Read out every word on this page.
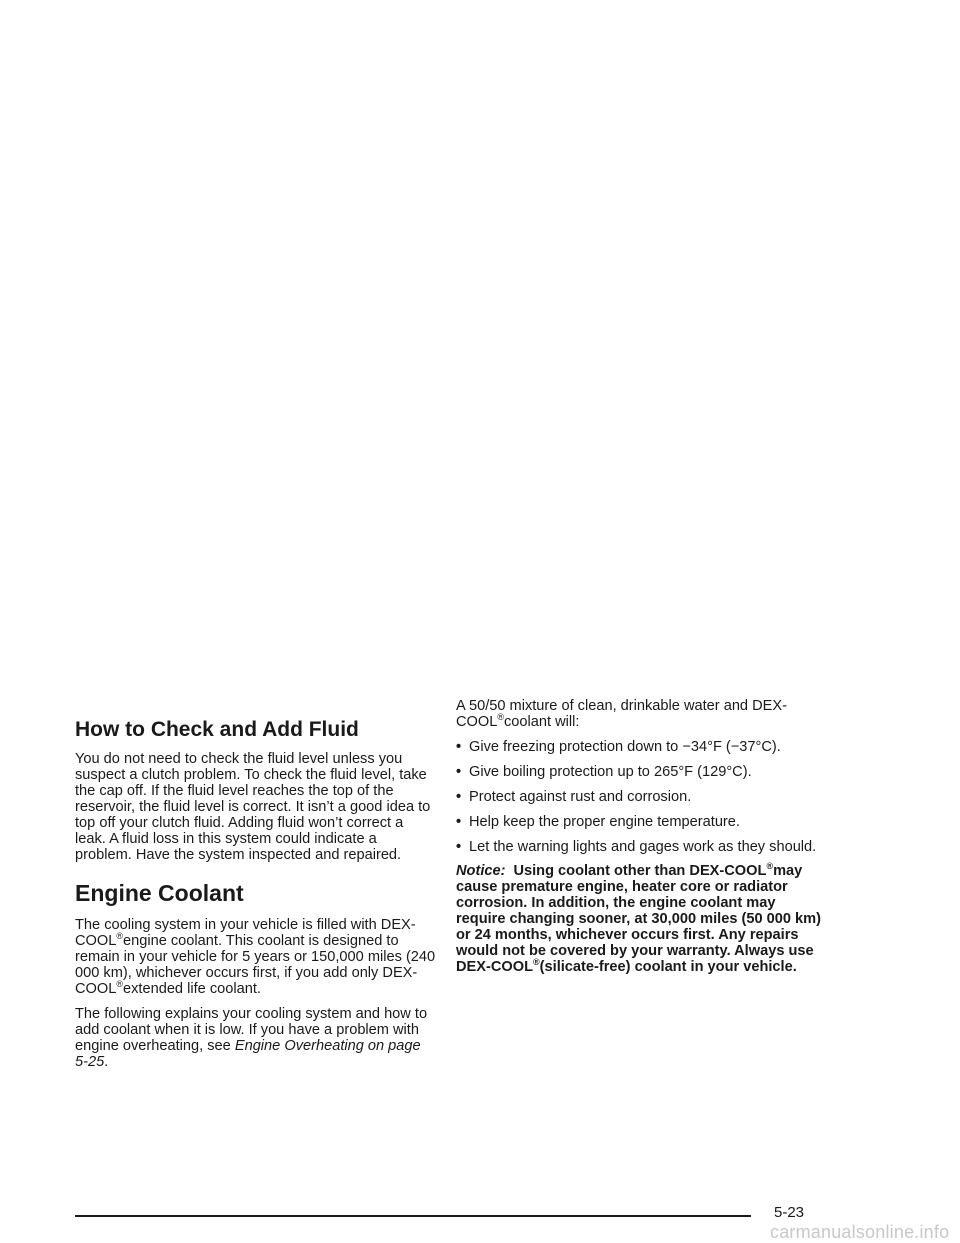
How to Check and Add Fluid

You do not need to check the fluid level unless you suspect a clutch problem. To check the fluid level, take the cap off. If the fluid level reaches the top of the reservoir, the fluid level is correct. It isn’t a good idea to top off your clutch fluid. Adding fluid won’t correct a leak. A fluid loss in this system could indicate a problem. Have the system inspected and repaired.

Engine Coolant

The cooling system in your vehicle is filled with DEX-COOL®engine coolant. This coolant is designed to remain in your vehicle for 5 years or 150,000 miles (240 000 km), whichever occurs first, if you add only DEX-COOL®extended life coolant.

The following explains your cooling system and how to add coolant when it is low. If you have a problem with engine overheating, see Engine Overheating on page 5-25.

A 50/50 mixture of clean, drinkable water and DEX-COOL®coolant will:

• Give freezing protection down to −34°F (−37°C).
• Give boiling protection up to 265°F (129°C).
• Protect against rust and corrosion.
• Help keep the proper engine temperature.
• Let the warning lights and gages work as they should.

Notice: Using coolant other than DEX-COOL®may cause premature engine, heater core or radiator corrosion. In addition, the engine coolant may require changing sooner, at 30,000 miles (50 000 km) or 24 months, whichever occurs first. Any repairs would not be covered by your warranty. Always use DEX-COOL®(silicate-free) coolant in your vehicle.

5-23
carmanualsonline.info
